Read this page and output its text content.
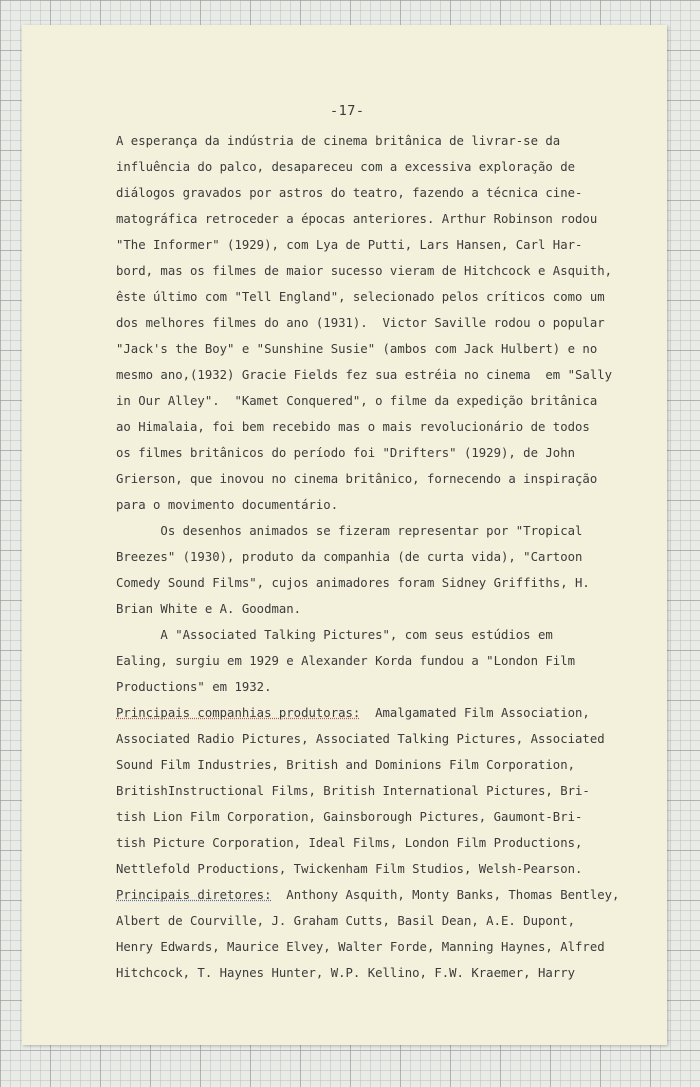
-17-
A esperança da indústria de cinema britânica de livrar-se da
influência do palco, desapareceu com a excessiva exploração de
diálogos gravados por astros do teatro, fazendo a técnica cine-
matográfica retroceder a épocas anteriores. Arthur Robinson rodou
"The Informer" (1929), com Lya de Putti, Lars Hansen, Carl Har-
bord, mas os filmes de maior sucesso vieram de Hitchcock e Asquith,
êste último com "Tell England", selecionado pelos críticos como um
dos melhores filmes do ano (1931).  Victor Saville rodou o popular
"Jack's the Boy" e "Sunshine Susie" (ambos com Jack Hulbert) e no
mesmo ano,(1932) Gracie Fields fez sua estréia no cinema  em "Sally
in Our Alley".  "Kamet Conquered", o filme da expedição britânica
ao Himalaia, foi bem recebido mas o mais revolucionário de todos
os filmes britânicos do período foi "Drifters" (1929), de John
Grierson, que inovou no cinema britânico, fornecendo a inspiração
para o movimento documentário.
Os desenhos animados se fizeram representar por "Tropical
Breezes" (1930), produto da companhia (de curta vida), "Cartoon
Comedy Sound Films", cujos animadores foram Sidney Griffiths, H.
Brian White e A. Goodman.
A "Associated Talking Pictures", com seus estúdios em
Ealing, surgiu em 1929 e Alexander Korda fundou a "London Film
Productions" em 1932.
Principais companhias produtoras:  Amalgamated Film Association,
Associated Radio Pictures, Associated Talking Pictures, Associated
Sound Film Industries, British and Dominions Film Corporation,
BritishInstructional Films, British International Pictures, Bri-
tish Lion Film Corporation, Gainsborough Pictures, Gaumont-Bri-
tish Picture Corporation, Ideal Films, London Film Productions,
Nettlefold Productions, Twickenham Film Studios, Welsh-Pearson.
Principais diretores:  Anthony Asquith, Monty Banks, Thomas Bentley,
Albert de Courville, J. Graham Cutts, Basil Dean, A.E. Dupont,
Henry Edwards, Maurice Elvey, Walter Forde, Manning Haynes, Alfred
Hitchcock, T. Haynes Hunter, W.P. Kellino, F.W. Kraemer, Harry
